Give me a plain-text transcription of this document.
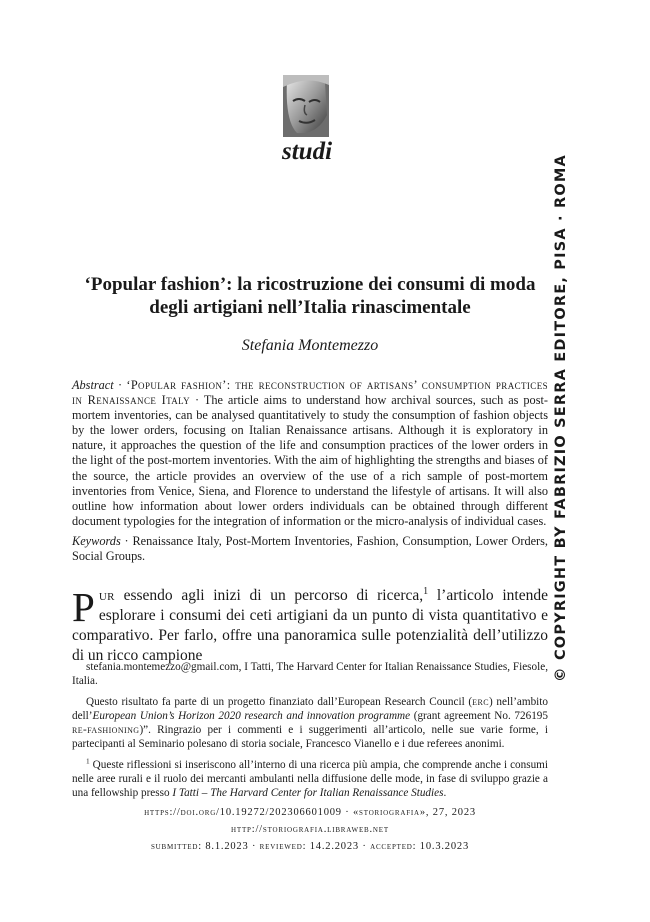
studi
‘Popular fashion’: la ricostruzione dei consumi di moda
degli artigiani nell’Italia rinascimentale
Stefania Montemezzo

Abstract · ‘Popular fashion’: the reconstruction of artisans’ consumption practices in Renaissance Italy · The article aims to understand how archival sources, such as post-mortem inventories, can be analysed quantitatively to study the consumption of fashion objects by the lower orders, focusing on Italian Renaissance artisans. Although it is exploratory in nature, it approaches the question of the life and consumption practices of the lower orders in the light of the post-mortem inventories. With the aim of highlighting the strengths and biases of the source, the article provides an overview of the use of a rich sample of post-mortem inventories from Venice, Siena, and Florence to understand the lifestyle of artisans. It will also outline how information about lower orders individuals can be obtained through different document typologies for the integration of information or the micro-analysis of individual cases.

Keywords · Renaissance Italy, Post-Mortem Inventories, Fashion, Consumption, Lower Orders, Social Groups.

Pur essendo agli inizi di un percorso di ricerca,$^1$ l’articolo intende esplorare i consumi dei ceti artigiani da un punto di vista quantitativo e comparativo. Per farlo, offre una panoramica sulle potenzialità dell’utilizzo di un ricco campione

stefania.montemezzo@gmail.com, I Tatti, The Harvard Center for Italian Renaissance Studies, Fiesole, Italia.

Questo risultato fa parte di un progetto finanziato dall’European Research Council (erc) nell’ambito dell’European Union’s Horizon 2020 research and innovation programme (grant agreement No. 726195 re-fashioning)”. Ringrazio per i commenti e i suggerimenti all’articolo, nelle sue varie forme, i partecipanti al Seminario polesano di storia sociale, Francesco Vianello e i due referees anonimi.

$^1$ Queste riflessioni si inseriscono all’interno di una ricerca più ampia, che comprende anche i consumi nelle aree rurali e il ruolo dei mercanti ambulanti nella diffusione delle mode, in fase di sviluppo grazie a una fellowship presso I Tatti – The Harvard Center for Italian Renaissance Studies.

https://doi.org/10.19272/202306601009 · «storiografia», 27, 2023
http://storiografia.libraweb.net
submitted: 8.1.2023 · reviewed: 14.2.2023 · accepted: 10.3.2023
© COPYRIGHT BY FABRIZIO SERRA EDITORE, PISA · ROMA
